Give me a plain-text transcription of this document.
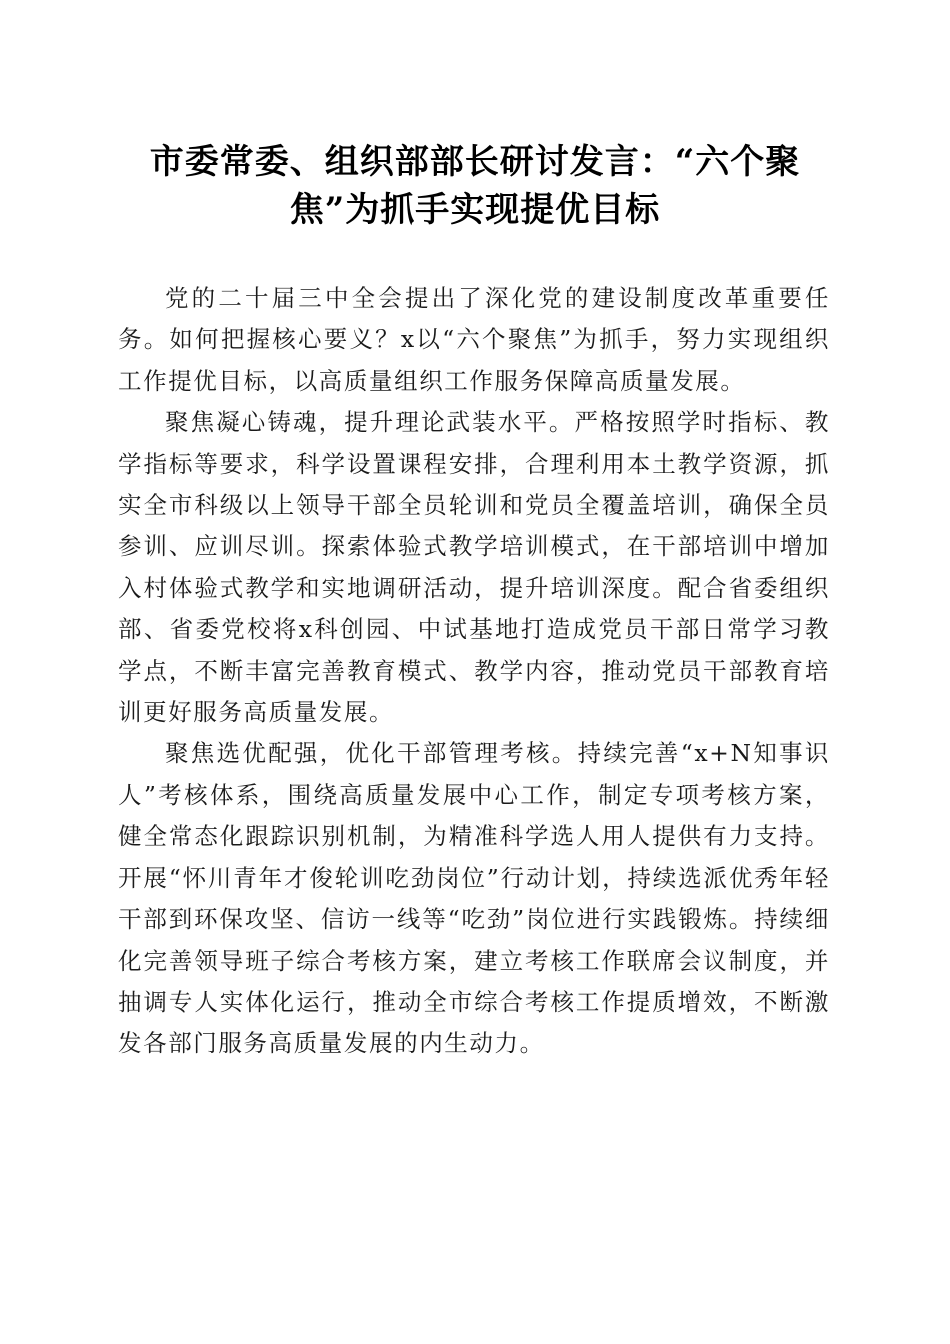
市委常委、组织部部长研讨发言：“六个聚
焦”为抓手实现提优目标

党的二十届三中全会提出了深化党的建设制度改革重要任务。如何把握核心要义？x以“六个聚焦”为抓手，努力实现组织工作提优目标，以高质量组织工作服务保障高质量发展。

聚焦凝心铸魂，提升理论武装水平。严格按照学时指标、教学指标等要求，科学设置课程安排，合理利用本土教学资源，抓实全市科级以上领导干部全员轮训和党员全覆盖培训，确保全员参训、应训尽训。探索体验式教学培训模式，在干部培训中增加入村体验式教学和实地调研活动，提升培训深度。配合省委组织部、省委党校将x科创园、中试基地打造成党员干部日常学习教学点，不断丰富完善教育模式、教学内容，推动党员干部教育培训更好服务高质量发展。

聚焦选优配强，优化干部管理考核。持续完善“x+N知事识人”考核体系，围绕高质量发展中心工作，制定专项考核方案，健全常态化跟踪识别机制，为精准科学选人用人提供有力支持。开展“怀川青年才俊轮训吃劲岗位”行动计划，持续选派优秀年轻干部到环保攻坚、信访一线等“吃劲”岗位进行实践锻炼。持续细化完善领导班子综合考核方案，建立考核工作联席会议制度，并抽调专人实体化运行，推动全市综合考核工作提质增效，不断激发各部门服务高质量发展的内生动力。
